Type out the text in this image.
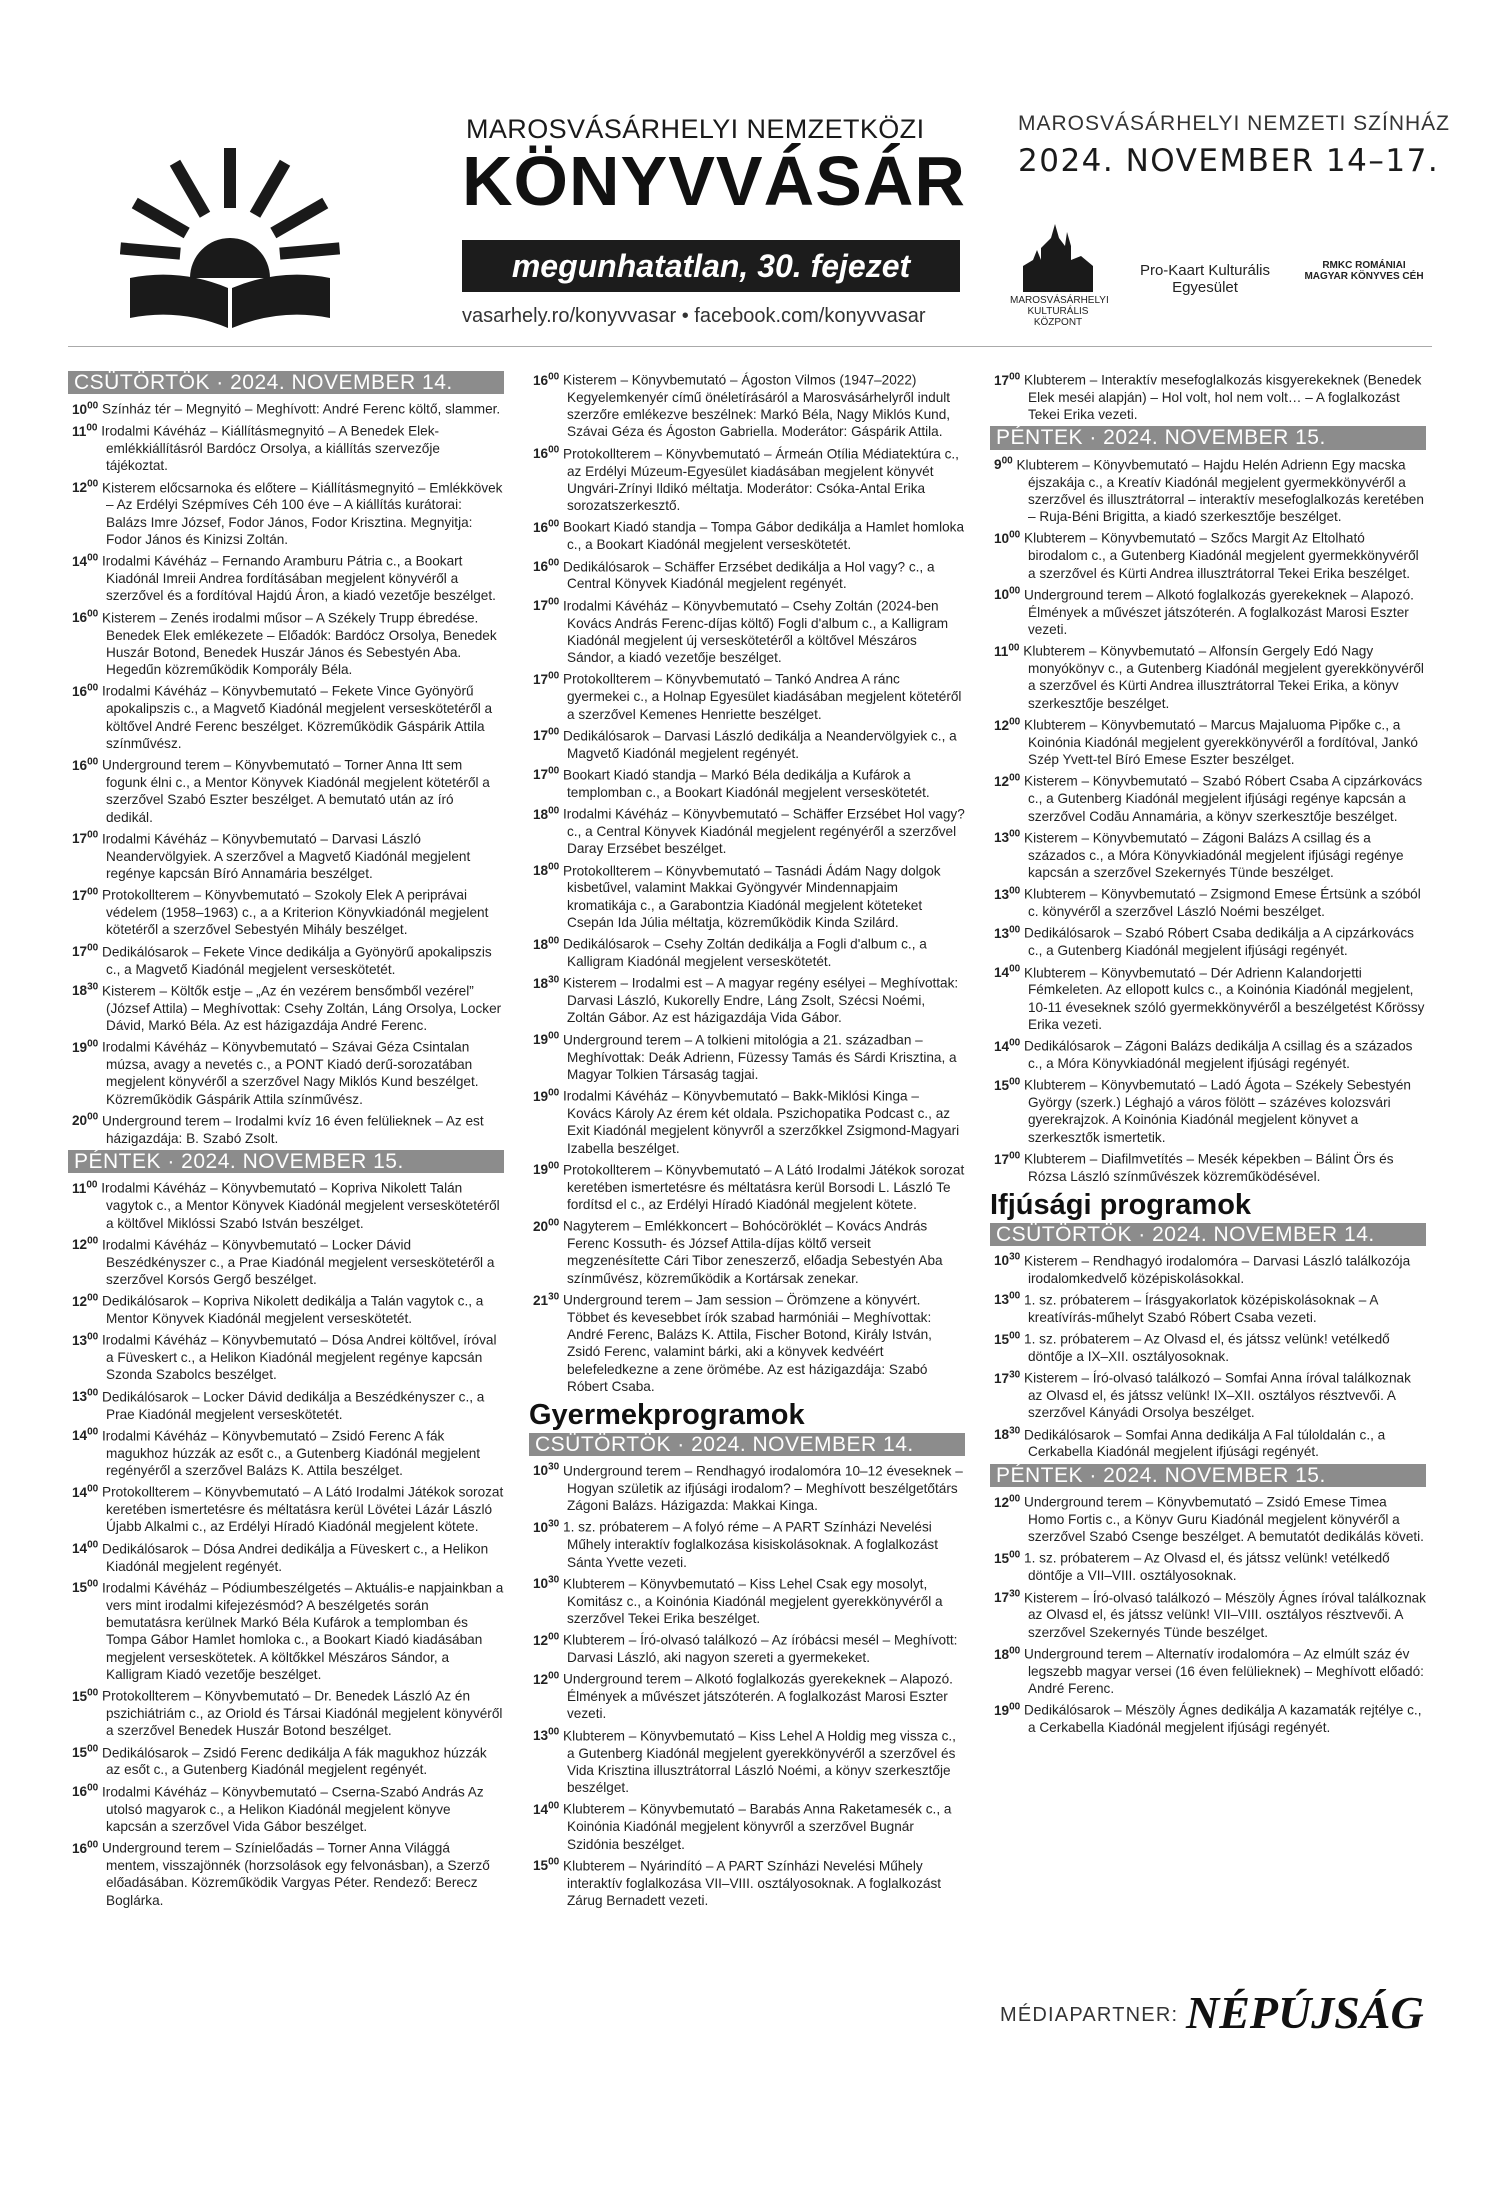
MAROSVÁSÁRHELYI NEMZETKÖZI
KÖNYVVÁSÁR
megunhatatlan, 30. fejezet
vasarhely.ro/konyvvasar • facebook.com/konyvvasar
MAROSVÁSÁRHELYI NEMZETI SZÍNHÁZ
2024. NOVEMBER 14–17.
MAROSVÁSÁRHELYI KULTURÁLIS KÖZPONT
Pro-Kaart Kulturális Egyesület
RMKC ROMÁNIAI MAGYAR KÖNYVES CÉH
CSÜTÖRTÖK · 2024. NOVEMBER 14.
$10^{00}$ Színház tér – Megnyitó – Meghívott: André Ferenc költő, slammer.
$11^{00}$ Irodalmi Kávéház – Kiállításmegnyitó – A Benedek Elek-emlékkiállításról Bardócz Orsolya, a kiállítás szervezője tájékoztat.
$12^{00}$ Kisterem előcsarnoka és előtere – Kiállításmegnyitó – Emlékkövek – Az Erdélyi Szépmíves Céh 100 éve – A kiállítás kurátorai: Balázs Imre József, Fodor János, Fodor Krisztina. Megnyitja: Fodor János és Kinizsi Zoltán.
$14^{00}$ Irodalmi Kávéház – Fernando Aramburu Pátria c., a Bookart Kiadónál Imreii Andrea fordításában megjelent könyvéről a szerzővel és a fordítóval Hajdú Áron, a kiadó vezetője beszélget.
$16^{00}$ Kisterem – Zenés irodalmi műsor – A Székely Trupp ébredése. Benedek Elek emlékezete – Előadók: Bardócz Orsolya, Benedek Huszár Botond, Benedek Huszár János és Sebestyén Aba. Hegedűn közreműködik Komporály Béla.
$16^{00}$ Irodalmi Kávéház – Könyvbemutató – Fekete Vince Gyönyörű apokalipszis c., a Magvető Kiadónál megjelent verseskötetéről a költővel André Ferenc beszélget. Közreműködik Gáspárik Attila színművész.
$16^{00}$ Underground terem – Könyvbemutató – Torner Anna Itt sem fogunk élni c., a Mentor Könyvek Kiadónál megjelent kötetéről a szerzővel Szabó Eszter beszélget. A bemutató után az író dedikál.
$17^{00}$ Irodalmi Kávéház – Könyvbemutató – Darvasi László Neandervölgyiek. A szerzővel a Magvető Kiadónál megjelent regénye kapcsán Bíró Annamária beszélget.
$17^{00}$ Protokollterem – Könyvbemutató – Szokoly Elek A periprávai védelem (1958–1963) c., a a Kriterion Könyvkiadónál megjelent kötetéről a szerzővel Sebestyén Mihály beszélget.
$17^{00}$ Dedikálósarok – Fekete Vince dedikálja a Gyönyörű apokalipszis c., a Magvető Kiadónál megjelent verseskötetét.
$18^{30}$ Kisterem – Költők estje – „Az én vezérem bensőmből vezérel” (József Attila) – Meghívottak: Csehy Zoltán, Láng Orsolya, Locker Dávid, Markó Béla. Az est házigazdája André Ferenc.
$19^{00}$ Irodalmi Kávéház – Könyvbemutató – Szávai Géza Csintalan múzsa, avagy a nevetés c., a PONT Kiadó derű-sorozatában megjelent könyvéről a szerzővel Nagy Miklós Kund beszélget. Közreműködik Gáspárik Attila színművész.
$20^{00}$ Underground terem – Irodalmi kvíz 16 éven felülieknek – Az est házigazdája: B. Szabó Zsolt.
PÉNTEK · 2024. NOVEMBER 15.
$11^{00}$ Irodalmi Kávéház – Könyvbemutató – Kopriva Nikolett Talán vagytok c., a Mentor Könyvek Kiadónál megjelent verseskötetéről a költővel Miklóssi Szabó István beszélget.
$12^{00}$ Irodalmi Kávéház – Könyvbemutató – Locker Dávid Beszédkényszer c., a Prae Kiadónál megjelent verseskötetéről a szerzővel Korsós Gergő beszélget.
$12^{00}$ Dedikálósarok – Kopriva Nikolett dedikálja a Talán vagytok c., a Mentor Könyvek Kiadónál megjelent verseskötetét.
$13^{00}$ Irodalmi Kávéház – Könyvbemutató – Dósa Andrei költővel, íróval a Füveskert c., a Helikon Kiadónál megjelent regénye kapcsán Szonda Szabolcs beszélget.
$13^{00}$ Dedikálósarok – Locker Dávid dedikálja a Beszédkényszer c., a Prae Kiadónál megjelent verseskötetét.
$14^{00}$ Irodalmi Kávéház – Könyvbemutató – Zsidó Ferenc A fák magukhoz húzzák az esőt c., a Gutenberg Kiadónál megjelent regényéről a szerzővel Balázs K. Attila beszélget.
$14^{00}$ Protokollterem – Könyvbemutató – A Látó Irodalmi Játékok sorozat keretében ismertetésre és méltatásra kerül Lövétei Lázár László Újabb Alkalmi c., az Erdélyi Híradó Kiadónál megjelent kötete.
$14^{00}$ Dedikálósarok – Dósa Andrei dedikálja a Füveskert c., a Helikon Kiadónál megjelent regényét.
$15^{00}$ Irodalmi Kávéház – Pódiumbeszélgetés – Aktuális-e napjainkban a vers mint irodalmi kifejezésmód? A beszélgetés során bemutatásra kerülnek Markó Béla Kufárok a templomban és Tompa Gábor Hamlet homloka c., a Bookart Kiadó kiadásában megjelent verseskötetek. A költőkkel Mészáros Sándor, a Kalligram Kiadó vezetője beszélget.
$15^{00}$ Protokollterem – Könyvbemutató – Dr. Benedek László Az én pszichiátriám c., az Oriold és Társai Kiadónál megjelent könyvéről a szerzővel Benedek Huszár Botond beszélget.
$15^{00}$ Dedikálósarok – Zsidó Ferenc dedikálja A fák magukhoz húzzák az esőt c., a Gutenberg Kiadónál megjelent regényét.
$16^{00}$ Irodalmi Kávéház – Könyvbemutató – Cserna-Szabó András Az utolsó magyarok c., a Helikon Kiadónál megjelent könyve kapcsán a szerzővel Vida Gábor beszélget.
$16^{00}$ Underground terem – Színielőadás – Torner Anna Világgá mentem, visszajönnék (horzsolások egy felvonásban), a Szerző előadásában. Közreműködik Vargyas Péter. Rendező: Berecz Boglárka.
$16^{00}$ Kisterem – Könyvbemutató – Ágoston Vilmos (1947–2022) Kegyelemkenyér című önéletírásáról a Marosvásárhelyről indult szerzőre emlékezve beszélnek: Markó Béla, Nagy Miklós Kund, Szávai Géza és Ágoston Gabriella. Moderátor: Gáspárik Attila.
$16^{00}$ Protokollterem – Könyvbemutató – Ármeán Otília Médiatektúra c., az Erdélyi Múzeum-Egyesület kiadásában megjelent könyvét Ungvári-Zrínyi Ildikó méltatja. Moderátor: Csóka-Antal Erika sorozatszerkesztő.
$16^{00}$ Bookart Kiadó standja – Tompa Gábor dedikálja a Hamlet homloka c., a Bookart Kiadónál megjelent verseskötetét.
$16^{00}$ Dedikálósarok – Schäffer Erzsébet dedikálja a Hol vagy? c., a Central Könyvek Kiadónál megjelent regényét.
$17^{00}$ Irodalmi Kávéház – Könyvbemutató – Csehy Zoltán (2024-ben Kovács András Ferenc-díjas költő) Fogli d'album c., a Kalligram Kiadónál megjelent új verseskötetéről a költővel Mészáros Sándor, a kiadó vezetője beszélget.
$17^{00}$ Protokollterem – Könyvbemutató – Tankó Andrea A ránc gyermekei c., a Holnap Egyesület kiadásában megjelent kötetéről a szerzővel Kemenes Henriette beszélget.
$17^{00}$ Dedikálósarok – Darvasi László dedikálja a Neandervölgyiek c., a Magvető Kiadónál megjelent regényét.
$17^{00}$ Bookart Kiadó standja – Markó Béla dedikálja a Kufárok a templomban c., a Bookart Kiadónál megjelent verseskötetét.
$18^{00}$ Irodalmi Kávéház – Könyvbemutató – Schäffer Erzsébet Hol vagy? c., a Central Könyvek Kiadónál megjelent regényéről a szerzővel Daray Erzsébet beszélget.
$18^{00}$ Protokollterem – Könyvbemutató – Tasnádi Ádám Nagy dolgok kisbetűvel, valamint Makkai Gyöngyvér Mindennapjaim kromatikája c., a Garabontzia Kiadónál megjelent köteteket Csepán Ida Júlia méltatja, közreműködik Kinda Szilárd.
$18^{00}$ Dedikálósarok – Csehy Zoltán dedikálja a Fogli d'album c., a Kalligram Kiadónál megjelent verseskötetét.
$18^{30}$ Kisterem – Irodalmi est – A magyar regény esélyei – Meghívottak: Darvasi László, Kukorelly Endre, Láng Zsolt, Szécsi Noémi, Zoltán Gábor. Az est házigazdája Vida Gábor.
$19^{00}$ Underground terem – A tolkieni mitológia a 21. században – Meghívottak: Deák Adrienn, Füzessy Tamás és Sárdi Krisztina, a Magyar Tolkien Társaság tagjai.
$19^{00}$ Irodalmi Kávéház – Könyvbemutató – Bakk-Miklósi Kinga – Kovács Károly Az érem két oldala. Pszichopatika Podcast c., az Exit Kiadónál megjelent könyvről a szerzőkkel Zsigmond-Magyari Izabella beszélget.
$19^{00}$ Protokollterem – Könyvbemutató – A Látó Irodalmi Játékok sorozat keretében ismertetésre és méltatásra kerül Borsodi L. László Te fordítsd el c., az Erdélyi Híradó Kiadónál megjelent kötete.
$20^{00}$ Nagyterem – Emlékkoncert – Bohócöröklét – Kovács András Ferenc Kossuth- és József Attila-díjas költő verseit megzenésítette Cári Tibor zeneszerző, előadja Sebestyén Aba színművész, közreműködik a Kortársak zenekar.
$21^{30}$ Underground terem – Jam session – Örömzene a könyvért. Többet és kevesebbet írók szabad harmóniái – Meghívottak: André Ferenc, Balázs K. Attila, Fischer Botond, Király István, Zsidó Ferenc, valamint bárki, aki a könyvek kedvéért belefeledkezne a zene örömébe. Az est házigazdája: Szabó Róbert Csaba.
Gyermekprogramok
CSÜTÖRTÖK · 2024. NOVEMBER 14.
$10^{30}$ Underground terem – Rendhagyó irodalomóra 10–12 éveseknek – Hogyan születik az ifjúsági irodalom? – Meghívott beszélgetőtárs Zágoni Balázs. Házigazda: Makkai Kinga.
$10^{30}$ 1. sz. próbaterem – A folyó réme – A PART Színházi Nevelési Műhely interaktív foglalkozása kisiskolásoknak. A foglalkozást Sánta Yvette vezeti.
$10^{30}$ Klubterem – Könyvbemutató – Kiss Lehel Csak egy mosolyt, Komitász c., a Koinónia Kiadónál megjelent gyerekkönyvéről a szerzővel Tekei Erika beszélget.
$12^{00}$ Klubterem – Író-olvasó találkozó – Az íróbácsi mesél – Meghívott: Darvasi László, aki nagyon szereti a gyermekeket.
$12^{00}$ Underground terem – Alkotó foglalkozás gyerekeknek – Alapozó. Élmények a művészet játszóterén. A foglalkozást Marosi Eszter vezeti.
$13^{00}$ Klubterem – Könyvbemutató – Kiss Lehel A Holdig meg vissza c., a Gutenberg Kiadónál megjelent gyerekkönyvéről a szerzővel és Vida Krisztina illusztrátorral László Noémi, a könyv szerkesztője beszélget.
$14^{00}$ Klubterem – Könyvbemutató – Barabás Anna Raketamesék c., a Koinónia Kiadónál megjelent könyvről a szerzővel Bugnár Szidónia beszélget.
$15^{00}$ Klubterem – Nyárindító – A PART Színházi Nevelési Műhely interaktív foglalkozása VII–VIII. osztályosoknak. A foglalkozást Zárug Bernadett vezeti.
$17^{00}$ Klubterem – Interaktív mesefoglalkozás kisgyerekeknek (Benedek Elek meséi alapján) – Hol volt, hol nem volt… – A foglalkozást Tekei Erika vezeti.
PÉNTEK · 2024. NOVEMBER 15.
$9^{00}$ Klubterem – Könyvbemutató – Hajdu Helén Adrienn Egy macska éjszakája c., a Kreatív Kiadónál megjelent gyermekkönyvéről a szerzővel és illusztrátorral – interaktív mesefoglalkozás keretében – Ruja-Béni Brigitta, a kiadó szerkesztője beszélget.
$10^{00}$ Klubterem – Könyvbemutató – Szőcs Margit Az Eltolható birodalom c., a Gutenberg Kiadónál megjelent gyermekkönyvéről a szerzővel és Kürti Andrea illusztrátorral Tekei Erika beszélget.
$10^{00}$ Underground terem – Alkotó foglalkozás gyerekeknek – Alapozó. Élmények a művészet játszóterén. A foglalkozást Marosi Eszter vezeti.
$11^{00}$ Klubterem – Könyvbemutató – Alfonsín Gergely Edó Nagy monyókönyv c., a Gutenberg Kiadónál megjelent gyerekkönyvéről a szerzővel és Kürti Andrea illusztrátorral Tekei Erika, a könyv szerkesztője beszélget.
$12^{00}$ Klubterem – Könyvbemutató – Marcus Majaluoma Pipőke c., a Koinónia Kiadónál megjelent gyerekkönyvéről a fordítóval, Jankó Szép Yvett-tel Bíró Emese Eszter beszélget.
$12^{00}$ Kisterem – Könyvbemutató – Szabó Róbert Csaba A cipzárkovács c., a Gutenberg Kiadónál megjelent ifjúsági regénye kapcsán a szerzővel Codău Annamária, a könyv szerkesztője beszélget.
$13^{00}$ Kisterem – Könyvbemutató – Zágoni Balázs A csillag és a százados c., a Móra Könyvkiadónál megjelent ifjúsági regénye kapcsán a szerzővel Szekernyés Tünde beszélget.
$13^{00}$ Klubterem – Könyvbemutató – Zsigmond Emese Értsünk a szóból c. könyvéről a szerzővel László Noémi beszélget.
$13^{00}$ Dedikálósarok – Szabó Róbert Csaba dedikálja a A cipzárkovács c., a Gutenberg Kiadónál megjelent ifjúsági regényét.
$14^{00}$ Klubterem – Könyvbemutató – Dér Adrienn Kalandorjetti Fémkeleten. Az ellopott kulcs c., a Koinónia Kiadónál megjelent, 10-11 éveseknek szóló gyermekkönyvéről a beszélgetést Kőrössy Erika vezeti.
$14^{00}$ Dedikálósarok – Zágoni Balázs dedikálja A csillag és a százados c., a Móra Könyvkiadónál megjelent ifjúsági regényét.
$15^{00}$ Klubterem – Könyvbemutató – Ladó Ágota – Székely Sebestyén György (szerk.) Léghajó a város fölött – százéves kolozsvári gyerekrajzok. A Koinónia Kiadónál megjelent könyvet a szerkesztők ismertetik.
$17^{00}$ Klubterem – Diafilmvetítés – Mesék képekben – Bálint Örs és Rózsa László színművészek közreműködésével.
Ifjúsági programok
CSÜTÖRTÖK · 2024. NOVEMBER 14.
$10^{30}$ Kisterem – Rendhagyó irodalomóra – Darvasi László találkozója irodalomkedvelő középiskolásokkal.
$13^{00}$ 1. sz. próbaterem – Írásgyakorlatok középiskolásoknak – A kreatívírás-műhelyt Szabó Róbert Csaba vezeti.
$15^{00}$ 1. sz. próbaterem – Az Olvasd el, és játssz velünk! vetélkedő döntője a IX–XII. osztályosoknak.
$17^{30}$ Kisterem – Író-olvasó találkozó – Somfai Anna íróval találkoznak az Olvasd el, és játssz velünk! IX–XII. osztályos résztvevői. A szerzővel Kányádi Orsolya beszélget.
$18^{30}$ Dedikálósarok – Somfai Anna dedikálja A Fal túloldalán c., a Cerkabella Kiadónál megjelent ifjúsági regényét.
PÉNTEK · 2024. NOVEMBER 15.
$12^{00}$ Underground terem – Könyvbemutató – Zsidó Emese Timea Homo Fortis c., a Könyv Guru Kiadónál megjelent könyvéről a szerzővel Szabó Csenge beszélget. A bemutatót dedikálás követi.
$15^{00}$ 1. sz. próbaterem – Az Olvasd el, és játssz velünk! vetélkedő döntője a VII–VIII. osztályosoknak.
$17^{30}$ Kisterem – Író-olvasó találkozó – Mészöly Ágnes íróval találkoznak az Olvasd el, és játssz velünk! VII–VIII. osztályos résztvevői. A szerzővel Szekernyés Tünde beszélget.
$18^{00}$ Underground terem – Alternatív irodalomóra – Az elmúlt száz év legszebb magyar versei (16 éven felülieknek) – Meghívott előadó: André Ferenc.
$19^{00}$ Dedikálósarok – Mészöly Ágnes dedikálja A kazamaták rejtélye c., a Cerkabella Kiadónál megjelent ifjúsági regényét.
MÉDIAPARTNER: NÉPÚJSÁG
